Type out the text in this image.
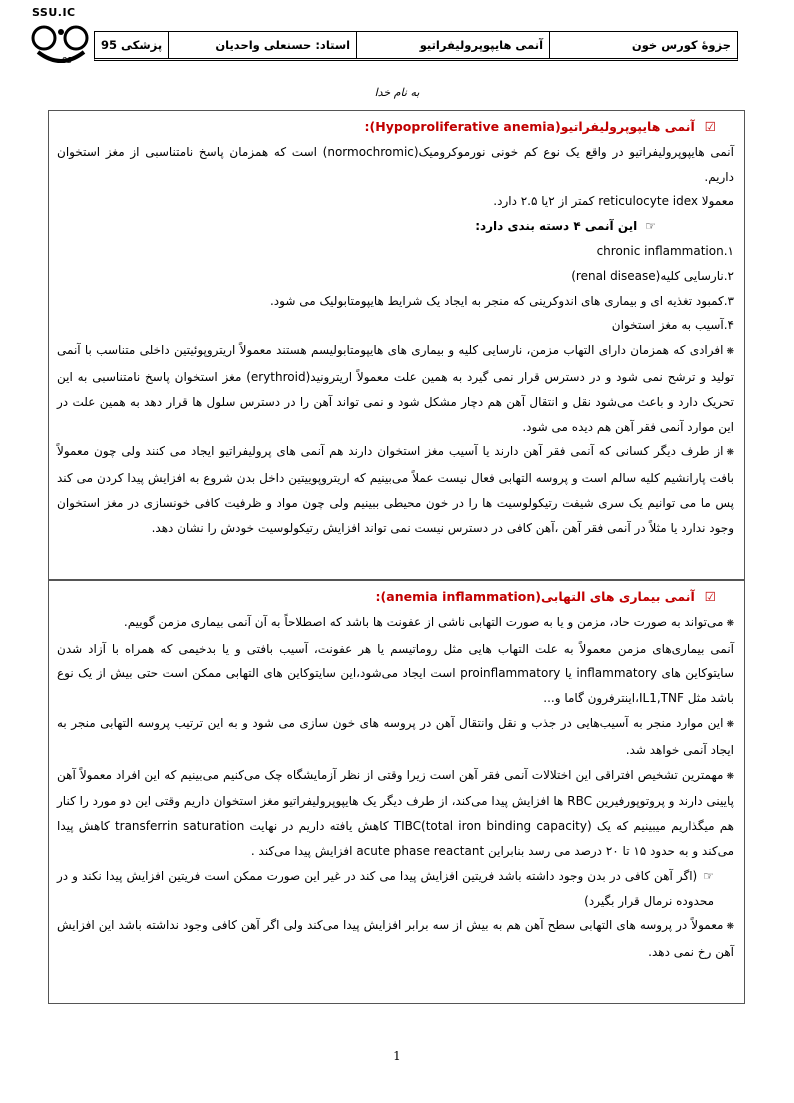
SSU.IC
95
جزوهٔ کورس خون
آنمی هایپوپرولیفراتیو
استاد: حسنعلی واحدیان
پزشکی 95
به نام خدا

☑آنمی هایپوپرولیفراتیو(Hypoproliferative anemia):

آنمی هایپوپرولیفراتیو در واقع یک نوع کم خونی نورموکرومیک(normochromic) است که همزمان پاسخ نامتناسبی از مغز استخوان داریم.

معمولا reticulocyte idex کمتر از ۲یا ۲.۵ دارد.

☞این آنمی ۴ دسته بندی دارد:

۱.chronic inflammation

۲.نارسایی کلیه(renal disease)

۳.کمبود تغذیه ای و بیماری های اندوکرینی که منجر به ایجاد یک شرایط هایپومتابولیک می شود.

۴.آسیب به مغز استخوان

❋افرادی که همزمان دارای التهاب مزمن، نارسایی کلیه و بیماری های هایپومتابولیسم هستند معمولاً اریتروپوئیتین داخلی متناسب با آنمی تولید و ترشح نمی شود و در دسترس قرار نمی گیرد به همین علت معمولاً اریترونید(erythroid) مغز استخوان پاسخ نامتناسبی به این تحریک دارد و باعث می‌شود نقل و انتقال آهن هم دچار مشکل شود و نمی تواند آهن را در دسترس سلول ها قرار دهد به همین علت در این موارد آنمی فقر آهن هم دیده می شود.

❋از طرف دیگر کسانی که آنمی فقر آهن دارند یا آسیب مغز استخوان دارند هم آنمی های پرولیفراتیو ایجاد می کنند ولی چون معمولاً بافت پارانشیم کلیه سالم است و پروسه التهابی فعال نیست عملاً می‌بینیم که اریتروپوییتین داخل بدن شروع به افزایش پیدا کردن می کند پس ما می توانیم یک سری شیفت رتیکولوسیت ها را در خون محیطی ببینیم ولی چون مواد و ظرفیت کافی خونسازی در مغز استخوان وجود ندارد یا مثلاً در آنمی فقر آهن ،آهن کافی در دسترس نیست نمی تواند افزایش رتیکولوسیت خودش را نشان دهد.

☑آنمی بیماری های التهابی(anemia inflammation):

❋می‌تواند به صورت حاد، مزمن و یا به صورت التهابی ناشی از عفونت ها باشد که اصطلاحاً به آن آنمی بیماری مزمن گوییم.

آنمی بیماری‌های مزمن معمولاً به علت التهاب هایی مثل روماتیسم یا هر عفونت، آسیب بافتی و یا بدخیمی که همراه با آزاد شدن سایتوکاین های inflammatory یا proinflammatory است ایجاد می‌شود،این سایتوکاین های التهابی ممکن است حتی بیش از یک نوع باشد مثل IL1,TNF،اینترفرون گاما و...

❋این موارد منجر به آسیب‌هایی در جذب و نقل وانتقال آهن در پروسه های خون سازی می شود و به این ترتیب پروسه التهابی منجر به ایجاد آنمی خواهد شد.

❋مهمترین تشخیص افتراقی این اختلالات آنمی فقر آهن است زیرا وقتی از نظر آزمایشگاه چک می‌کنیم می‌بینیم که این افراد معمولاً آهن پایینی دارند و پروتوپورفیرین RBC ها افزایش پیدا می‌کند، از طرف دیگر یک هایپوپرولیفراتیو مغز استخوان داریم وقتی این دو مورد را کنار هم میگذاریم میبینیم که یک TIBC(total iron binding capacity) کاهش یافته داریم در نهایت transferrin saturation کاهش پیدا می‌کند و به حدود ۱۵ تا ۲۰ درصد می رسد بنابراین acute phase reactant افزایش پیدا می‌کند .

☞(اگر آهن کافی در بدن وجود داشته باشد فریتین افزایش پیدا می کند در غیر این صورت ممکن است فریتین افزایش پیدا نکند و در محدوده نرمال قرار بگیرد)

❋معمولاً در پروسه های التهابی سطح آهن هم به بیش از سه برابر افزایش پیدا می‌کند ولی اگر آهن کافی وجود نداشته باشد این افزایش آهن رخ نمی دهد.

1
